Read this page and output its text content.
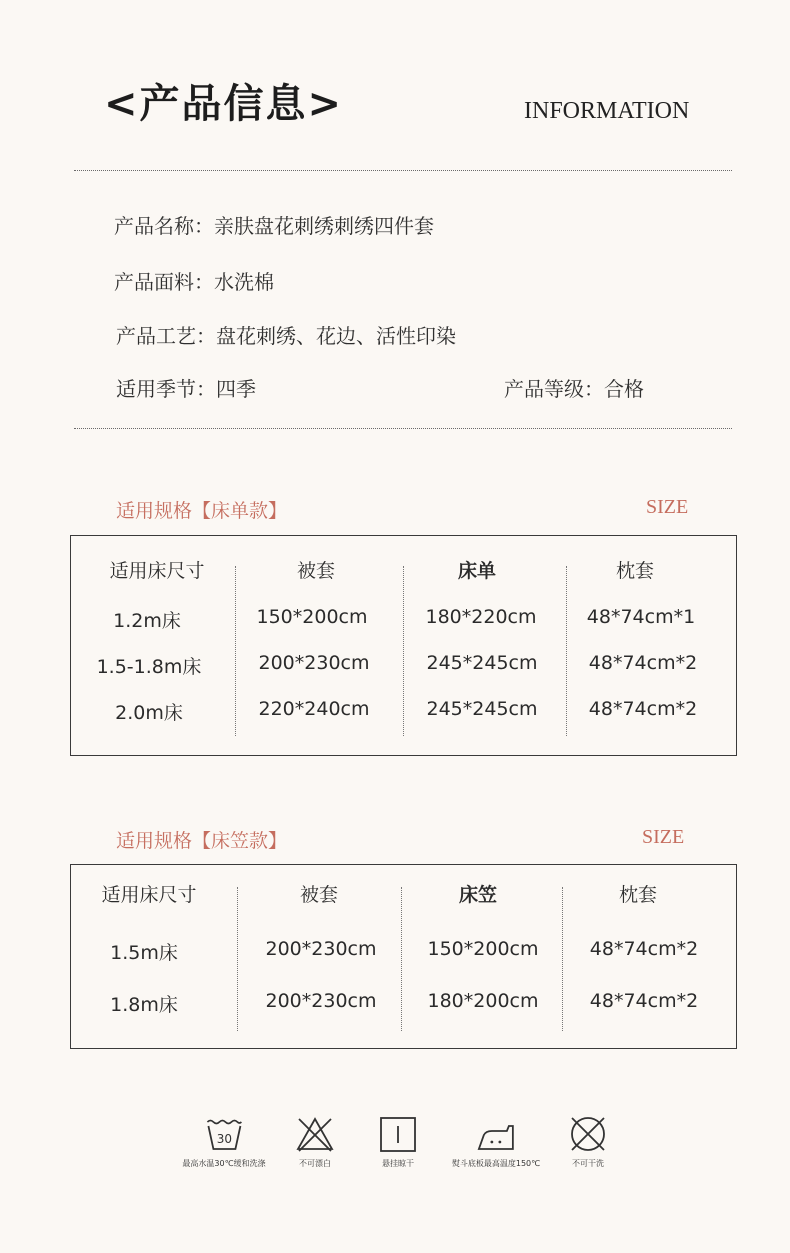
<产品信息>	INFORMATION
产品名称：亲肤盘花刺绣刺绣四件套
产品面料：水洗棉
产品工艺：盘花刺绣、花边、活性印染
适用季节：四季	产品等级：合格
适用规格【床单款】	SIZE
适用床尺寸	被套	床单	枕套
1.2m床	150*200cm	180*220cm	48*74cm*1
1.5-1.8m床	200*230cm	245*245cm	48*74cm*2
2.0m床	220*240cm	245*245cm	48*74cm*2
适用规格【床笠款】	SIZE
适用床尺寸	被套	床笠	枕套
1.5m床	200*230cm	150*200cm	48*74cm*2
1.8m床	200*230cm	180*200cm	48*74cm*2
30
最高水温30℃缓和洗涤	不可漂白	悬挂晾干	熨斗底板最高温度150℃	不可干洗
